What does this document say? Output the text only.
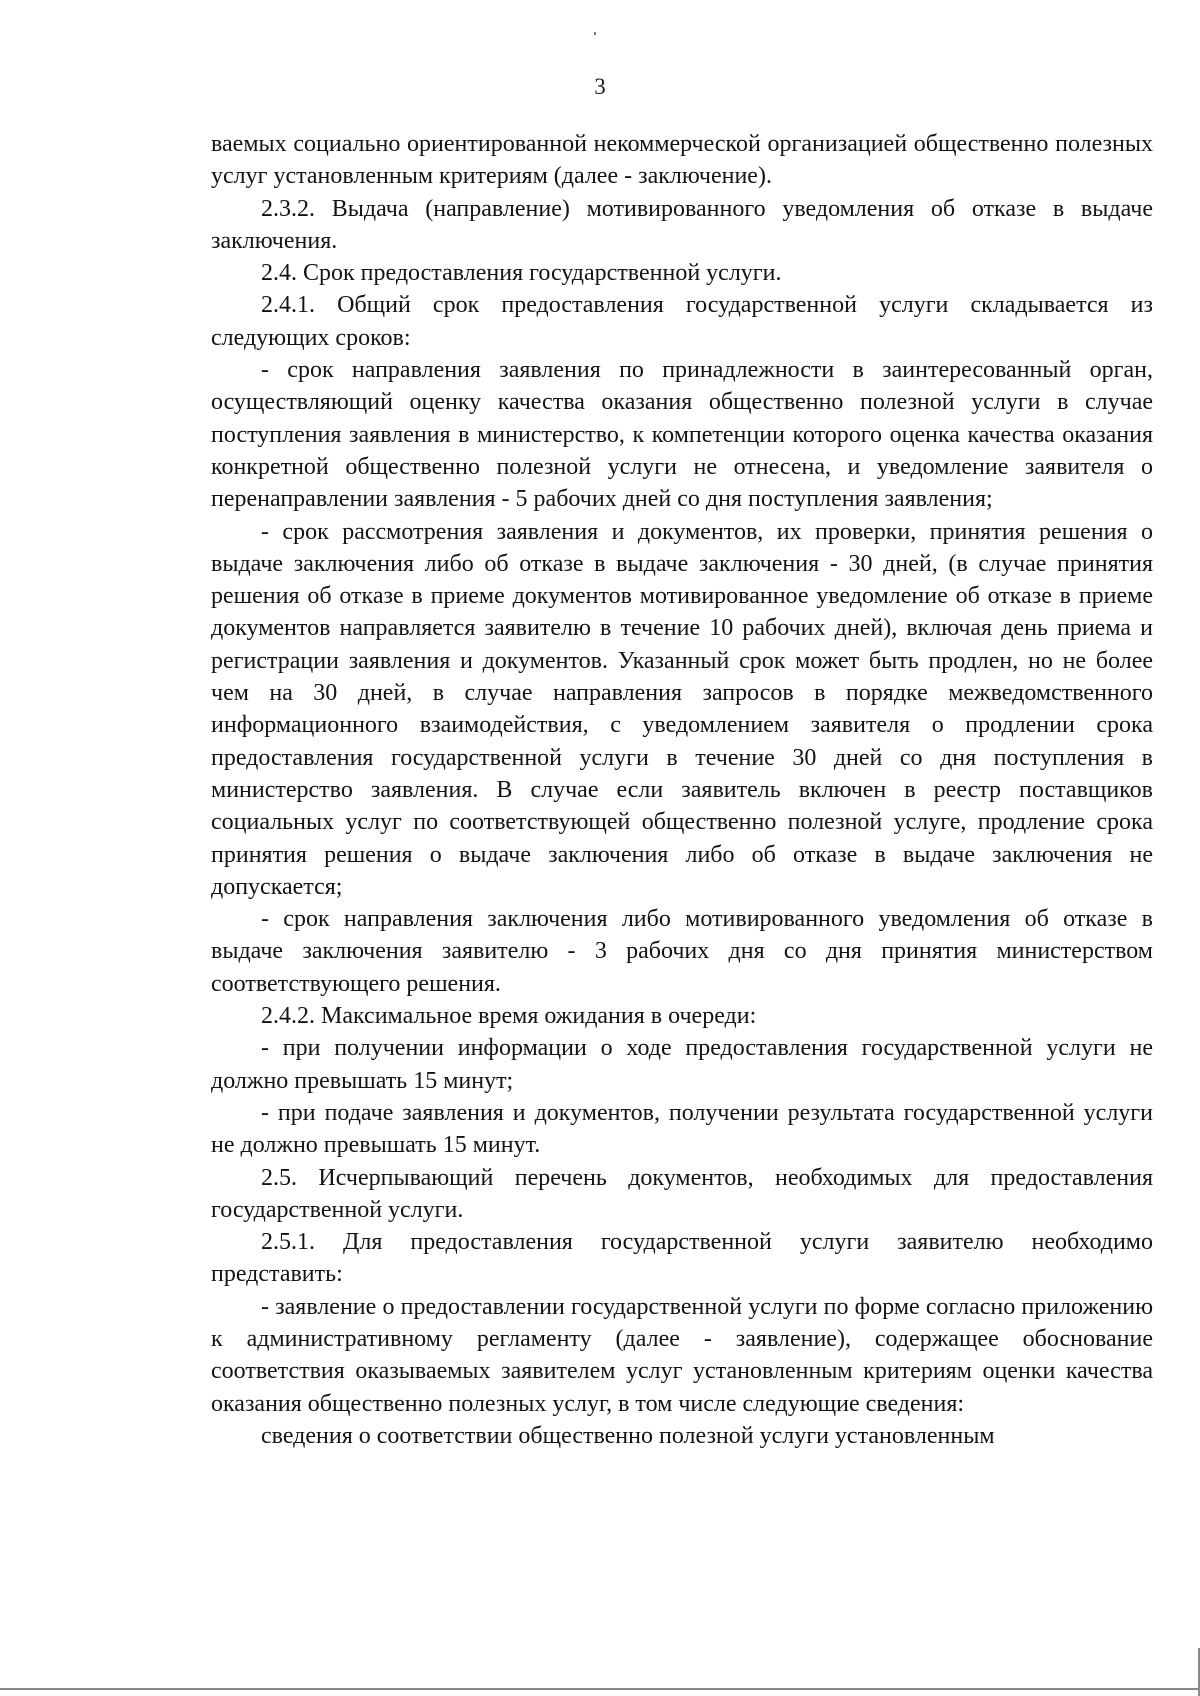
3

ваемых социально ориентированной некоммерческой организацией общественно полезных услуг установленным критериям (далее - заключение).

2.3.2. Выдача (направление) мотивированного уведомления об отказе в выдаче заключения.

2.4. Срок предоставления государственной услуги.

2.4.1. Общий срок предоставления государственной услуги складывается из следующих сроков:

- срок направления заявления по принадлежности в заинтересованный орган, осуществляющий оценку качества оказания общественно полезной услуги в случае поступления заявления в министерство, к компетенции которого оценка качества оказания конкретной общественно полезной услуги не отнесена, и уведомление заявителя о перенаправлении заявления - 5 рабочих дней со дня поступления заявления;

- срок рассмотрения заявления и документов, их проверки, принятия решения о выдаче заключения либо об отказе в выдаче заключения - 30 дней, (в случае принятия решения об отказе в приеме документов мотивированное уведомление об отказе в приеме документов направляется заявителю в течение 10 рабочих дней), включая день приема и регистрации заявления и документов. Указанный срок может быть продлен, но не более чем на 30 дней, в случае направления запросов в порядке межведомственного информационного взаимодействия, с уведомлением заявителя о продлении срока предоставления государственной услуги в течение 30 дней со дня поступления в министерство заявления. В случае если заявитель включен в реестр поставщиков социальных услуг по соответствующей общественно полезной услуге, продление срока принятия решения о выдаче заключения либо об отказе в выдаче заключения не допускается;

- срок направления заключения либо мотивированного уведомления об отказе в выдаче заключения заявителю - 3 рабочих дня со дня принятия министерством соответствующего решения.

2.4.2. Максимальное время ожидания в очереди:

- при получении информации о ходе предоставления государственной услуги не должно превышать 15 минут;

- при подаче заявления и документов, получении результата государственной услуги не должно превышать 15 минут.

2.5. Исчерпывающий перечень документов, необходимых для предоставления государственной услуги.

2.5.1. Для предоставления государственной услуги заявителю необходимо представить:

- заявление о предоставлении государственной услуги по форме согласно приложению к административному регламенту (далее - заявление), содержащее обоснование соответствия оказываемых заявителем услуг установленным критериям оценки качества оказания общественно полезных услуг, в том числе следующие сведения:

сведения о соответствии общественно полезной услуги установленным
